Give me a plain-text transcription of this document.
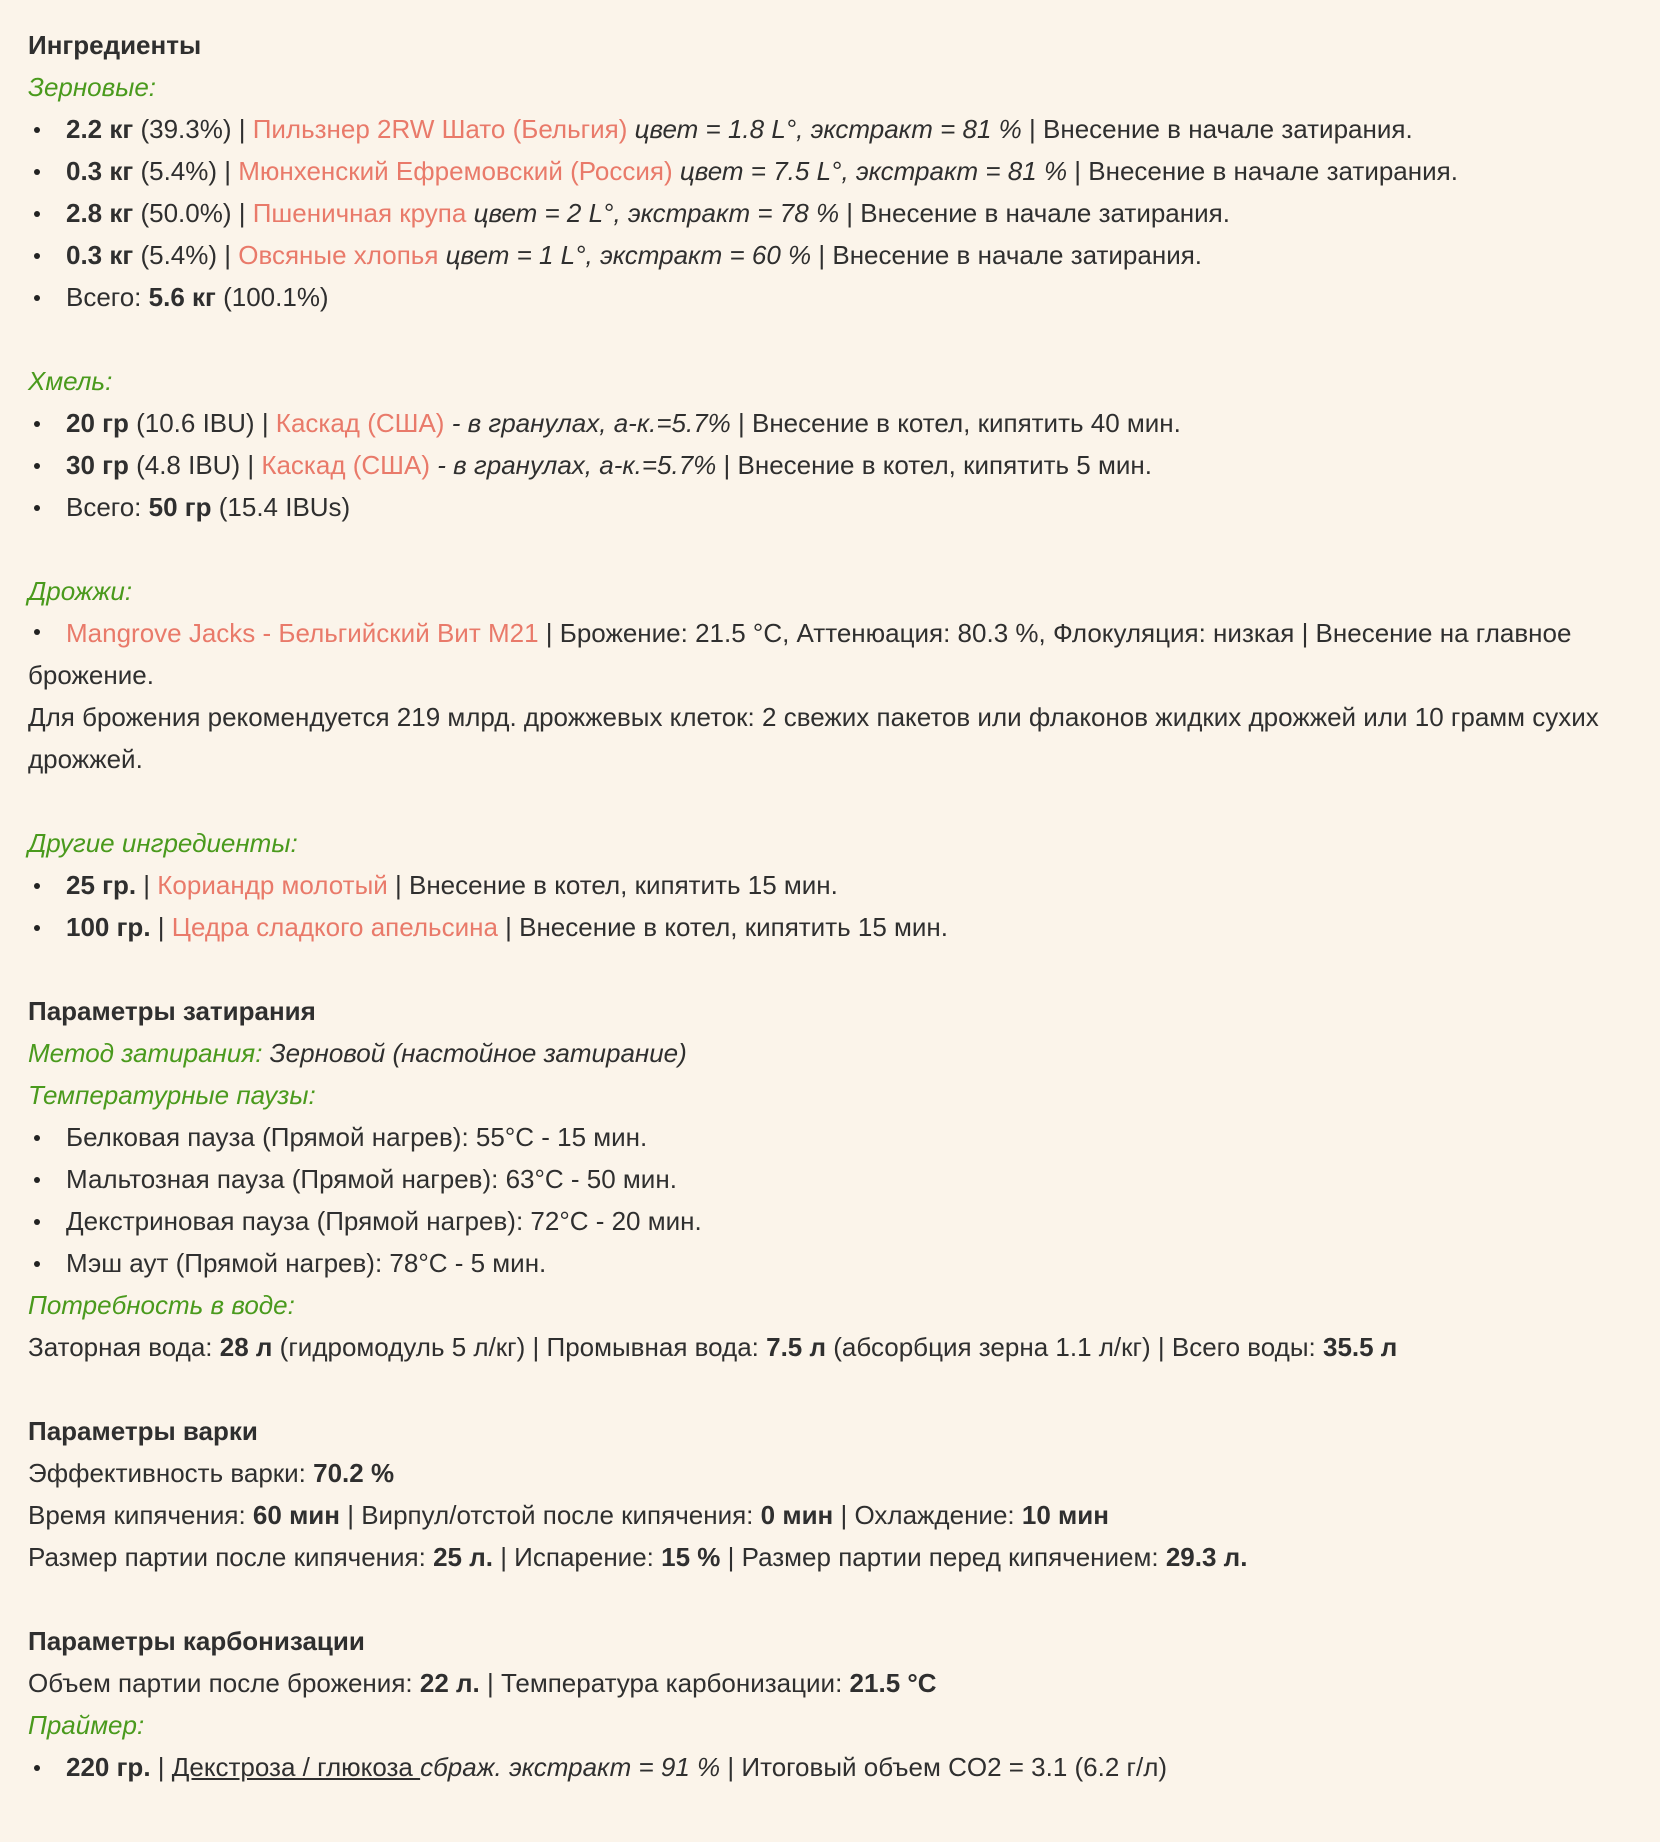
Ингредиенты
Зерновые:
2.2 кг (39.3%) | Пильзнер 2RW Шато (Бельгия) цвет = 1.8 L°, экстракт = 81 % | Внесение в начале затирания.
0.3 кг (5.4%) | Мюнхенский Ефремовский (Россия) цвет = 7.5 L°, экстракт = 81 % | Внесение в начале затирания.
2.8 кг (50.0%) | Пшеничная крупа цвет = 2 L°, экстракт = 78 % | Внесение в начале затирания.
0.3 кг (5.4%) | Овсяные хлопья цвет = 1 L°, экстракт = 60 % | Внесение в начале затирания.
Всего: 5.6 кг (100.1%)
Хмель:
20 гр (10.6 IBU) | Каскад (США) - в гранулах, а-к.=5.7% | Внесение в котел, кипятить 40 мин.
30 гр (4.8 IBU) | Каскад (США) - в гранулах, а-к.=5.7% | Внесение в котел, кипятить 5 мин.
Всего: 50 гр (15.4 IBUs)
Дрожжи:
Mangrove Jacks - Бельгийский Вит M21 | Брожение: 21.5 °C, Аттенюация: 80.3 %, Флокуляция: низкая | Внесение на главное брожение.
Для брожения рекомендуется 219 млрд. дрожжевых клеток: 2 свежих пакетов или флаконов жидких дрожжей или 10 грамм сухих дрожжей.
Другие ингредиенты:
25 гр. | Кориандр молотый | Внесение в котел, кипятить 15 мин.
100 гр. | Цедра сладкого апельсина | Внесение в котел, кипятить 15 мин.
Параметры затирания
Метод затирания: Зерновой (настойное затирание)
Температурные паузы:
Белковая пауза (Прямой нагрев): 55°C - 15 мин.
Мальтозная пауза (Прямой нагрев): 63°C - 50 мин.
Декстриновая пауза (Прямой нагрев): 72°C - 20 мин.
Мэш аут (Прямой нагрев): 78°C - 5 мин.
Потребность в воде:
Заторная вода: 28 л (гидромодуль 5 л/кг) | Промывная вода: 7.5 л (абсорбция зерна 1.1 л/кг) | Всего воды: 35.5 л
Параметры варки
Эффективность варки: 70.2 %
Время кипячения: 60 мин | Вирпул/отстой после кипячения: 0 мин | Охлаждение: 10 мин
Размер партии после кипячения: 25 л. | Испарение: 15 % | Размер партии перед кипячением: 29.3 л.
Параметры карбонизации
Объем партии после брожения: 22 л. | Температура карбонизации: 21.5 °C
Праймер:
220 гр. | Декстроза / глюкоза сбраж. экстракт = 91 % | Итоговый объем CO2 = 3.1 (6.2 г/л)
